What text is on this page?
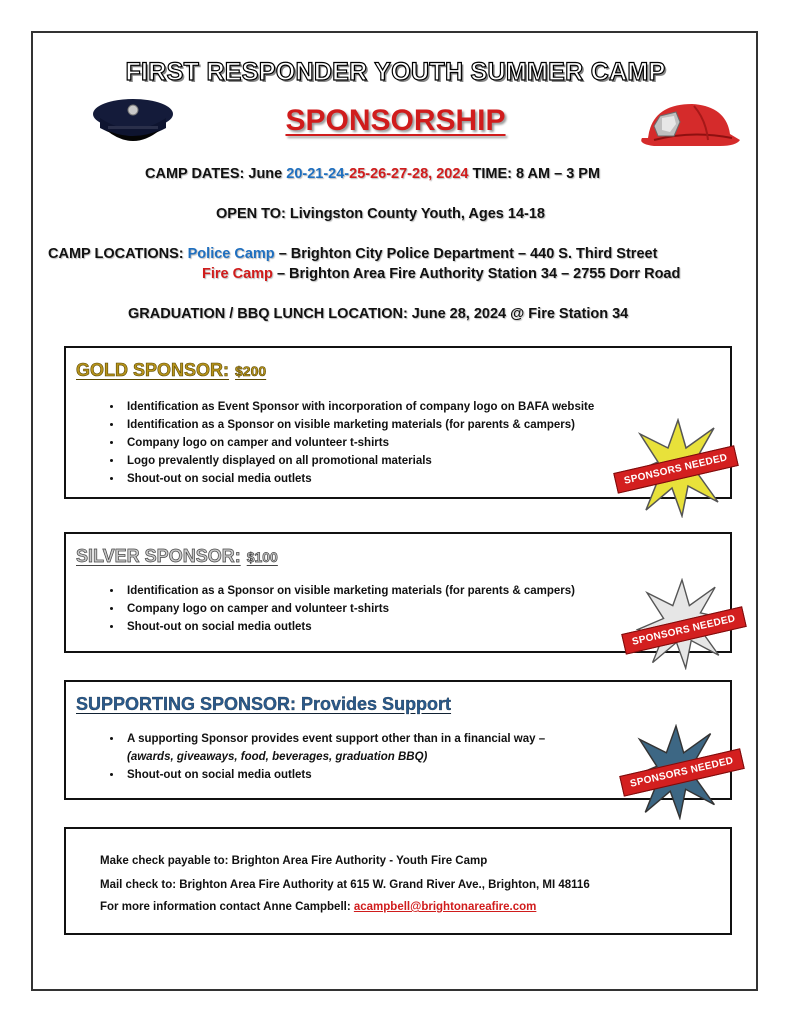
FIRST RESPONDER YOUTH SUMMER CAMP
SPONSORSHIP
CAMP DATES: June 20-21-24-25-26-27-28, 2024 TIME: 8 AM – 3 PM
OPEN TO: Livingston County Youth, Ages 14-18
CAMP LOCATIONS: Police Camp – Brighton City Police Department – 440 S. Third Street
Fire Camp – Brighton Area Fire Authority Station 34 – 2755 Dorr Road
GRADUATION / BBQ LUNCH LOCATION: June 28, 2024 @ Fire Station 34
GOLD SPONSOR: $200
• Identification as Event Sponsor with incorporation of company logo on BAFA website
• Identification as a Sponsor on visible marketing materials (for parents & campers)
• Company logo on camper and volunteer t-shirts
• Logo prevalently displayed on all promotional materials
• Shout-out on social media outlets	SPONSORS NEEDED
SILVER SPONSOR: $100
• Identification as a Sponsor on visible marketing materials (for parents & campers)
• Company logo on camper and volunteer t-shirts
• Shout-out on social media outlets	SPONSORS NEEDED
SUPPORTING SPONSOR: Provides Support
• A supporting Sponsor provides event support other than in a financial way –
(awards, giveaways, food, beverages, graduation BBQ)
• Shout-out on social media outlets	SPONSORS NEEDED
Make check payable to: Brighton Area Fire Authority - Youth Fire Camp
Mail check to: Brighton Area Fire Authority at 615 W. Grand River Ave., Brighton, MI 48116
For more information contact Anne Campbell: acampbell@brightonareafire.com
